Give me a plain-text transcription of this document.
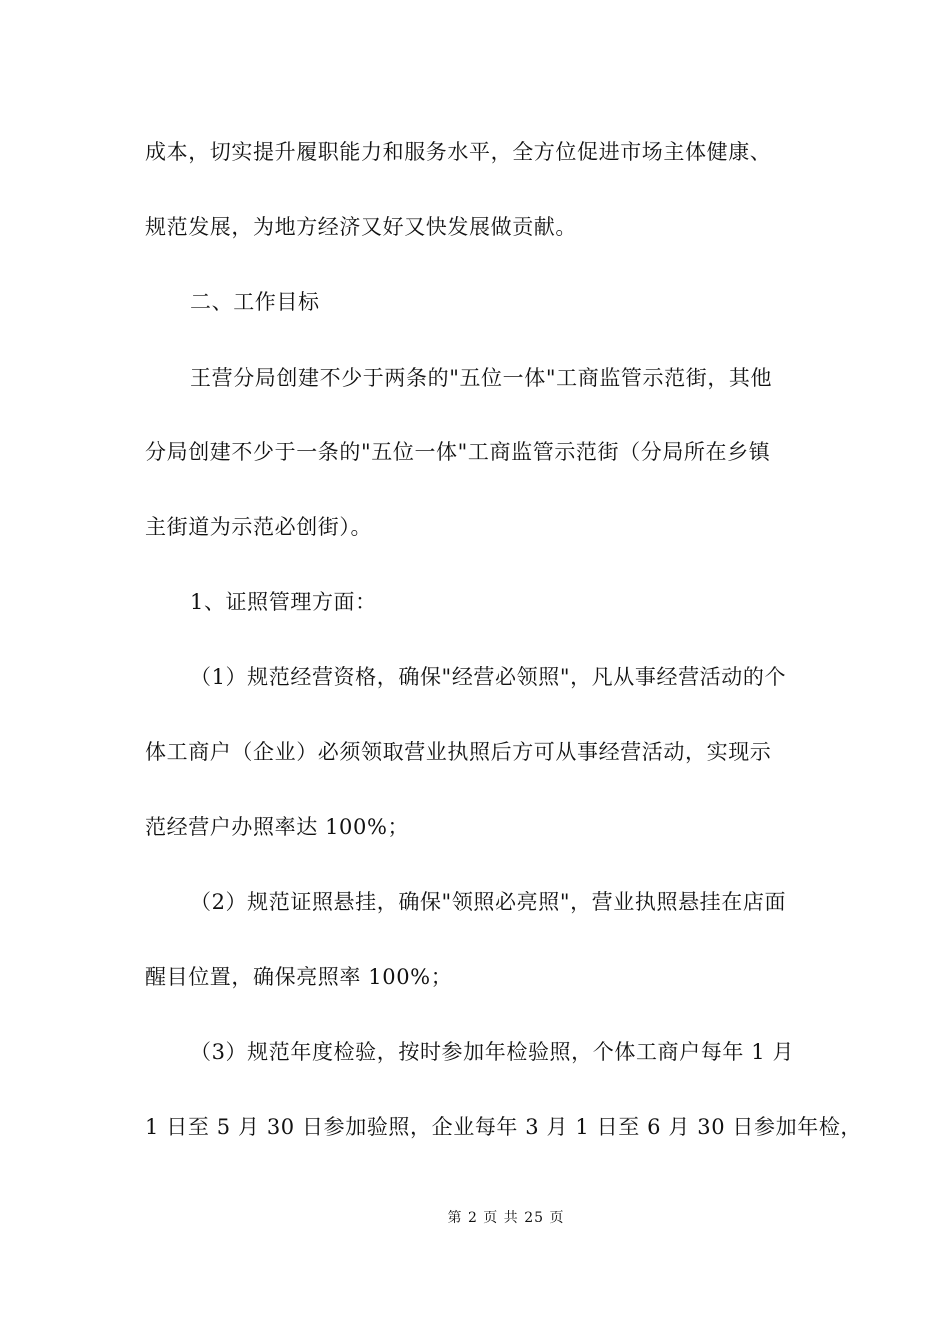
成本，切实提升履职能力和服务水平，全方位促进市场主体健康、
规范发展，为地方经济又好又快发展做贡献。
二、工作目标
王营分局创建不少于两条的"五位一体"工商监管示范街，其他
分局创建不少于一条的"五位一体"工商监管示范街（分局所在乡镇
主街道为示范必创街）。
1、证照管理方面：
（1）规范经营资格，确保"经营必领照"，凡从事经营活动的个
体工商户（企业）必须领取营业执照后方可从事经营活动，实现示
范经营户办照率达 100%；
（2）规范证照悬挂，确保"领照必亮照"，营业执照悬挂在店面
醒目位置，确保亮照率 100%；
（3）规范年度检验，按时参加年检验照，个体工商户每年 1 月
1 日至 5 月 30 日参加验照，企业每年 3 月 1 日至 6 月 30 日参加年检，
第 2 页 共 25 页
